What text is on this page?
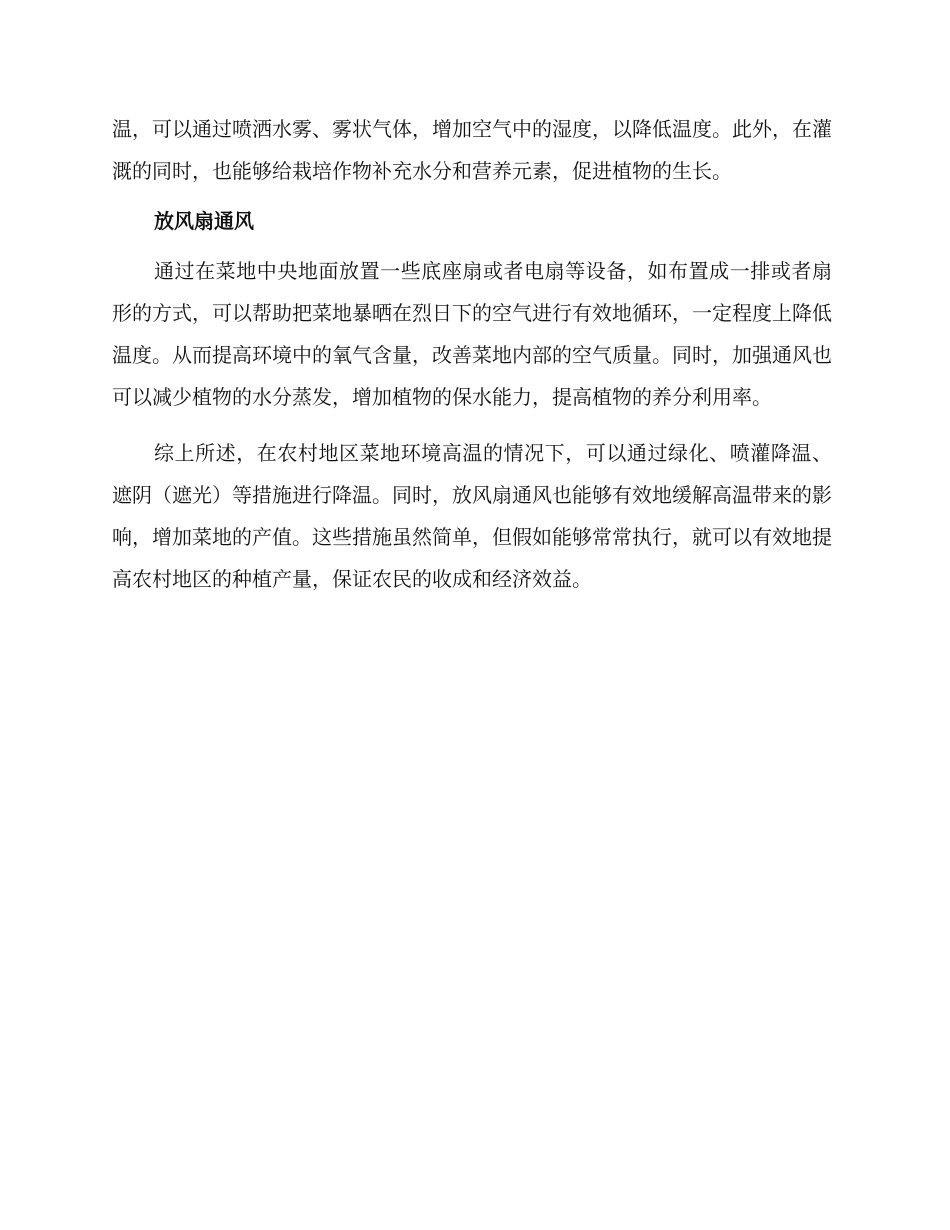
温，可以通过喷洒水雾、雾状气体，增加空气中的湿度，以降低温度。此外，在灌溉的同时，也能够给栽培作物补充水分和营养元素，促进植物的生长。

放风扇通风

通过在菜地中央地面放置一些底座扇或者电扇等设备，如布置成一排或者扇形的方式，可以帮助把菜地暴晒在烈日下的空气进行有效地循环，一定程度上降低温度。从而提高环境中的氧气含量，改善菜地内部的空气质量。同时，加强通风也可以减少植物的水分蒸发，增加植物的保水能力，提高植物的养分利用率。

综上所述，在农村地区菜地环境高温的情况下，可以通过绿化、喷灌降温、遮阴（遮光）等措施进行降温。同时，放风扇通风也能够有效地缓解高温带来的影响，增加菜地的产值。这些措施虽然简单，但假如能够常常执行，就可以有效地提高农村地区的种植产量，保证农民的收成和经济效益。
